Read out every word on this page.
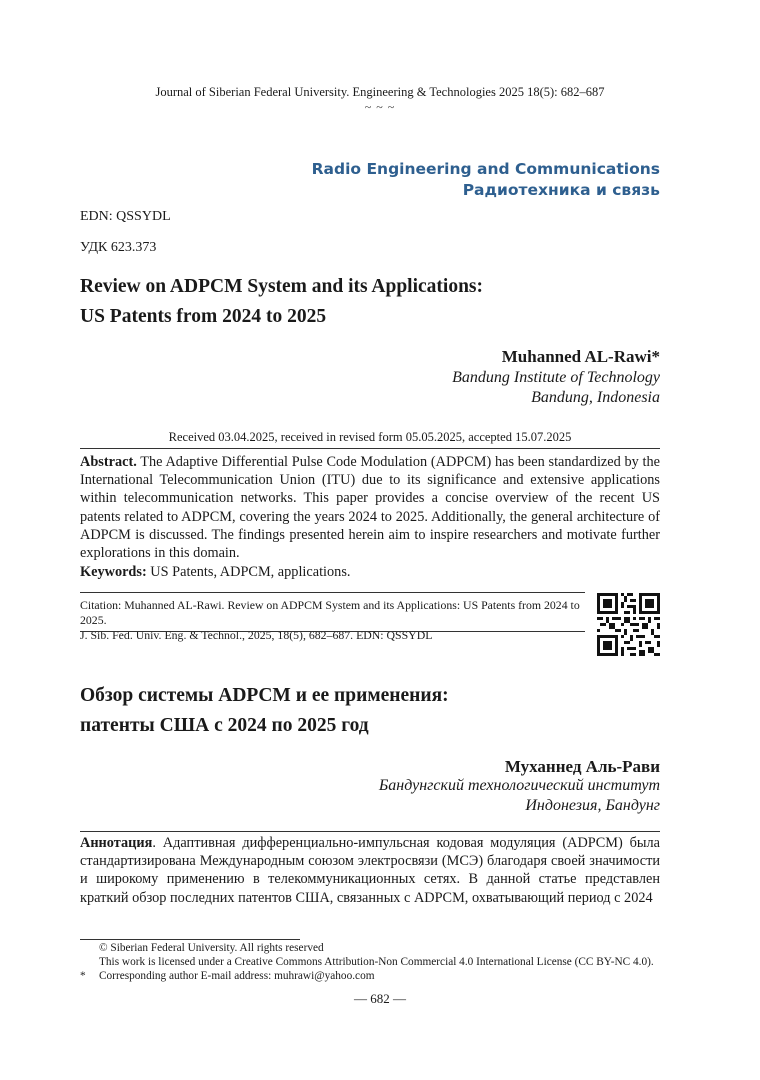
Journal of Siberian Federal University. Engineering & Technologies 2025 18(5): 682–687
~ ~ ~
Radio Engineering and Communications
Радиотехника и связь
EDN: QSSYDL
УДК 623.373
Review on ADPCM System and its Applications:
US Patents from 2024 to 2025
Muhanned AL-Rawi*
Bandung Institute of Technology
Bandung, Indonesia
Received 03.04.2025, received in revised form 05.05.2025, accepted 15.07.2025
Abstract. The Adaptive Differential Pulse Code Modulation (ADPCM) has been standardized by the International Telecommunication Union (ITU) due to its significance and extensive applications within telecommunication networks. This paper provides a concise overview of the recent US patents related to ADPCM, covering the years 2024 to 2025. Additionally, the general architecture of ADPCM is discussed. The findings presented herein aim to inspire researchers and motivate further explorations in this domain.
Keywords: US Patents, ADPCM, applications.
Citation: Muhanned AL-Rawi. Review on ADPCM System and its Applications: US Patents from 2024 to 2025.
J. Sib. Fed. Univ. Eng. & Technol., 2025, 18(5), 682–687. EDN: QSSYDL
Обзор системы ADPCM и ее применения:
патенты США с 2024 по 2025 год
Муханнед Аль-Рави
Бандунгский технологический институт
Индонезия, Бандунг
Аннотация. Адаптивная дифференциально-импульсная кодовая модуляция (ADPCM) была стандартизирована Международным союзом электросвязи (МСЭ) благодаря своей значимости и широкому применению в телекоммуникационных сетях. В данной статье представлен краткий обзор последних патентов США, связанных с ADPCM, охватывающий период с 2024
© Siberian Federal University. All rights reserved
This work is licensed under a Creative Commons Attribution-Non Commercial 4.0 International License (CC BY-NC 4.0).
* Corresponding author E-mail address: muhrawi@yahoo.com
— 682 —
